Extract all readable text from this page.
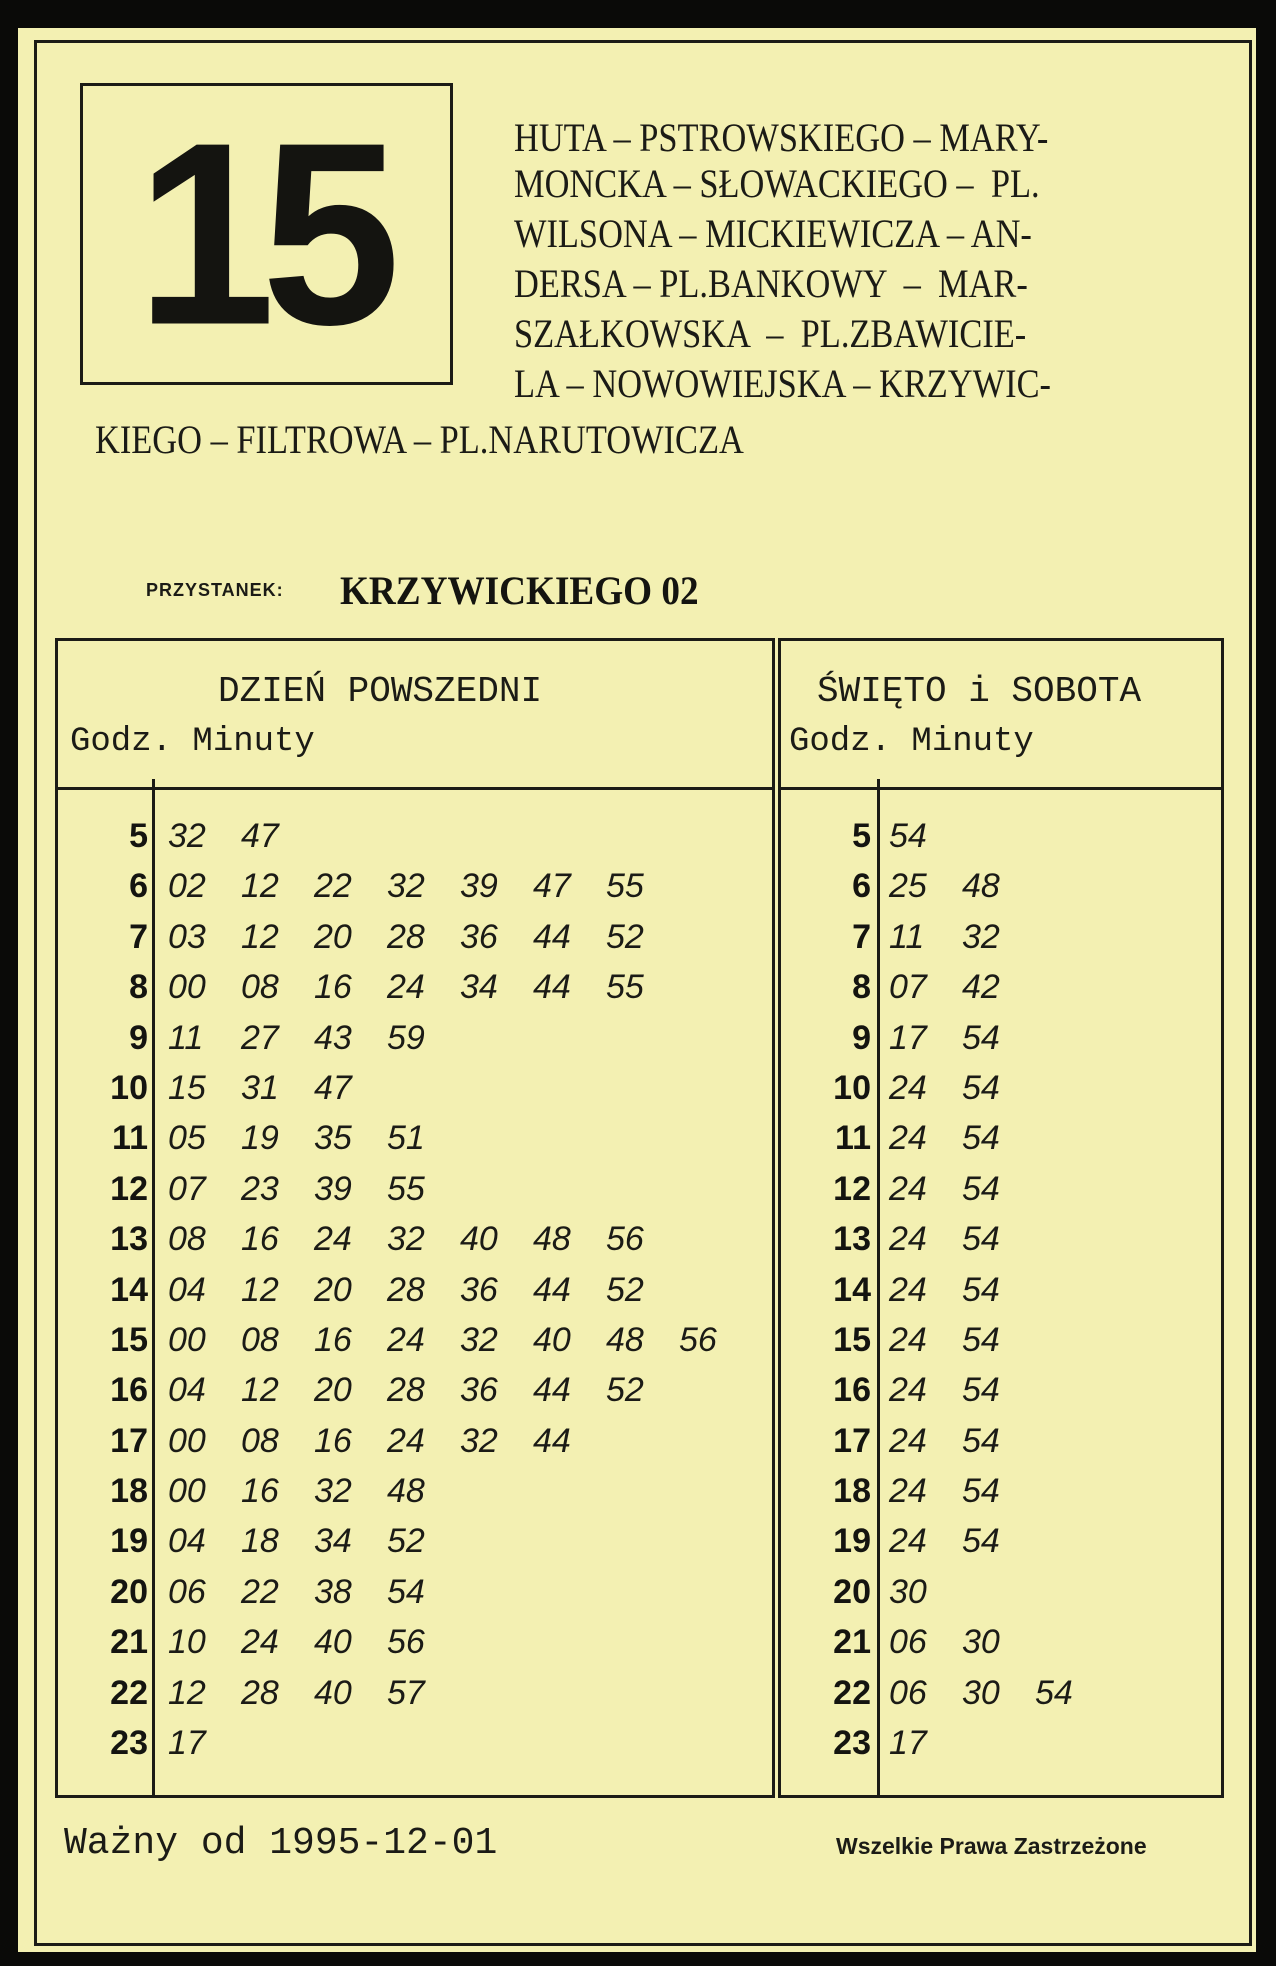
15	HUTA – PSTROWSKIEGO – MARY-
MONCKA – SŁOWACKIEGO –  PL.
WILSONA – MICKIEWICZA – AN-
DERSA – PL.BANKOWY  –  MAR-
SZAŁKOWSKA  –  PL.ZBAWICIE-
LA – NOWOWIEJSKA – KRZYWIC-
KIEGO – FILTROWA – PL.NARUTOWICZA
PRZYSTANEK: KRZYWICKIEGO 02
DZIEŃ POWSZEDNI
Godz. Minuty
5 32 47
6 02 12 22 32 39 47 55
7 03 12 20 28 36 44 52
8 00 08 16 24 34 44 55
9 11 27 43 59
10 15 31 47
11 05 19 35 51
12 07 23 39 55
13 08 16 24 32 40 48 56
14 04 12 20 28 36 44 52
15 00 08 16 24 32 40 48 56
16 04 12 20 28 36 44 52
17 00 08 16 24 32 44
18 00 16 32 48
19 04 18 34 52
20 06 22 38 54
21 10 24 40 56
22 12 28 40 57
23 17
ŚWIĘTO i SOBOTA
Godz. Minuty
5 54
6 25 48
7 11 32
8 07 42
9 17 54
10 24 54
11 24 54
12 24 54
13 24 54
14 24 54
15 24 54
16 24 54
17 24 54
18 24 54
19 24 54
20 30
21 06 30
22 06 30 54
23 17
Ważny od 1995-12-01	Wszelkie Prawa Zastrzeżone
